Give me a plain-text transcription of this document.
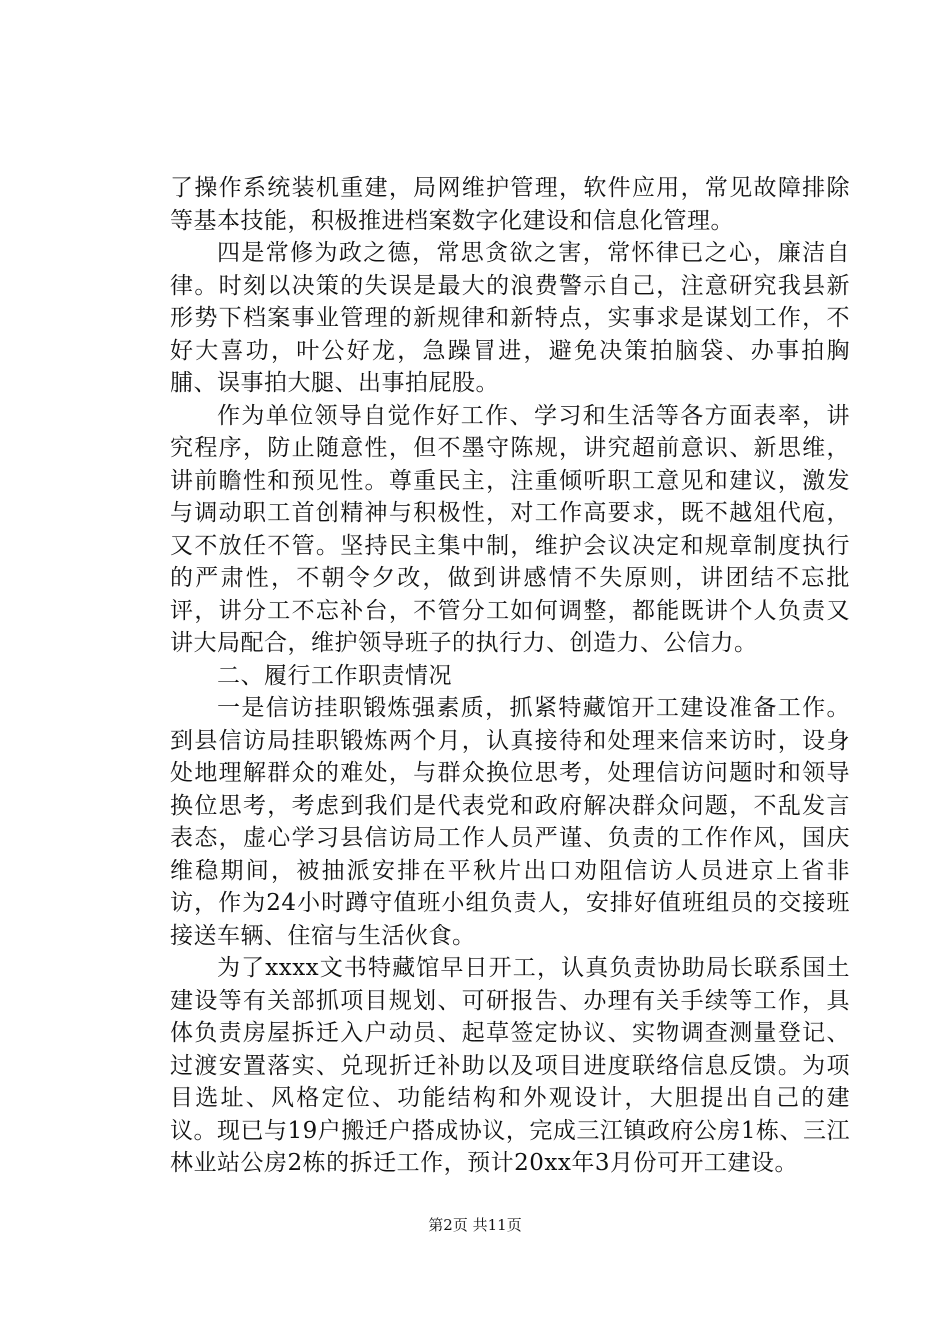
了操作系统装机重建，局网维护管理，软件应用，常见故障排除等基本技能，积极推进档案数字化建设和信息化管理。

四是常修为政之德，常思贪欲之害，常怀律已之心，廉洁自律。时刻以决策的失误是最大的浪费警示自己，注意研究我县新形势下档案事业管理的新规律和新特点，实事求是谋划工作，不好大喜功，叶公好龙，急躁冒进，避免决策拍脑袋、办事拍胸脯、误事拍大腿、出事拍屁股。

作为单位领导自觉作好工作、学习和生活等各方面表率，讲究程序，防止随意性，但不墨守陈规，讲究超前意识、新思维，讲前瞻性和预见性。尊重民主，注重倾听职工意见和建议，激发与调动职工首创精神与积极性，对工作高要求，既不越俎代庖，又不放任不管。坚持民主集中制，维护会议决定和规章制度执行的严肃性，不朝令夕改，做到讲感情不失原则，讲团结不忘批评，讲分工不忘补台，不管分工如何调整，都能既讲个人负责又讲大局配合，维护领导班子的执行力、创造力、公信力。

二、履行工作职责情况

一是信访挂职锻炼强素质，抓紧特藏馆开工建设准备工作。到县信访局挂职锻炼两个月，认真接待和处理来信来访时，设身处地理解群众的难处，与群众换位思考，处理信访问题时和领导换位思考，考虑到我们是代表党和政府解决群众问题，不乱发言表态，虚心学习县信访局工作人员严谨、负责的工作作风，国庆维稳期间，被抽派安排在平秋片出口劝阻信访人员进京上省非访，作为24小时蹲守值班小组负责人，安排好值班组员的交接班接送车辆、住宿与生活伙食。

为了xxxx文书特藏馆早日开工，认真负责协助局长联系国土建设等有关部抓项目规划、可研报告、办理有关手续等工作，具体负责房屋拆迁入户动员、起草签定协议、实物调查测量登记、过渡安置落实、兑现折迁补助以及项目进度联络信息反馈。为项目选址、风格定位、功能结构和外观设计，大胆提出自己的建议。现已与19户搬迁户搭成协议，完成三江镇政府公房1栋、三江林业站公房2栋的拆迁工作，预计20xx年3月份可开工建设。

第2页 共11页
